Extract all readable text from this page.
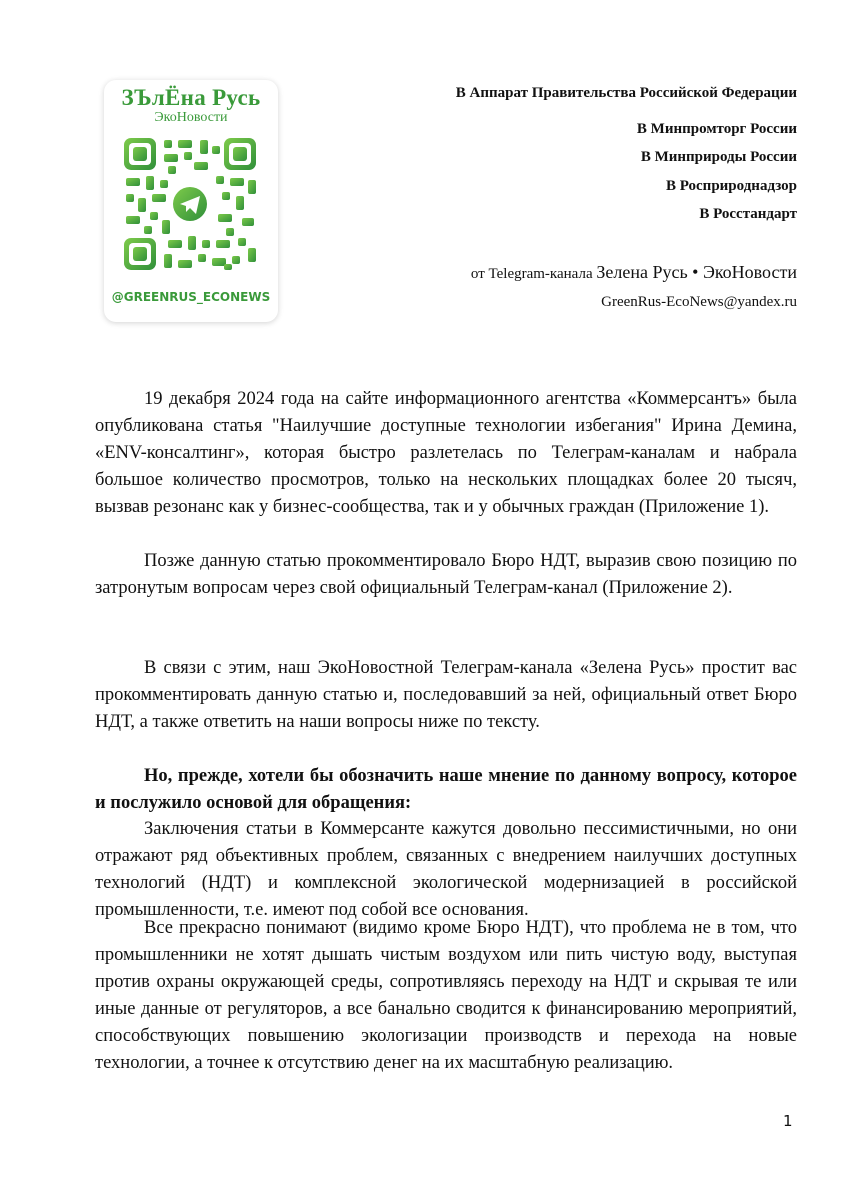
ЗЪлЁна Русь
ЭкоНовости
@GREENRUS_ECONEWS
В Аппарат Правительства Российской Федерации
В Минпромторг России
В Минприроды России
В Росприроднадзор
В Росстандарт
от Telegram-канала Зелена Русь • ЭкоНовости
GreenRus-EcoNews@yandex.ru

19 декабря 2024 года на сайте информационного агентства «Коммерсантъ» была опубликована статья "Наилучшие доступные технологии избегания" Ирина Демина, «ENV-консалтинг», которая быстро разлетелась по Телеграм-каналам и набрала большое количество просмотров, только на нескольких площадках более 20 тысяч, вызвав резонанс как у бизнес-сообщества, так и у обычных граждан (Приложение 1).

Позже данную статью прокомментировало Бюро НДТ, выразив свою позицию по затронутым вопросам через свой официальный Телеграм-канал (Приложение 2).

В связи с этим, наш ЭкоНовостной Телеграм-канала «Зелена Русь» простит вас прокомментировать данную статью и, последовавший за ней, официальный ответ Бюро НДТ, а также ответить на наши вопросы ниже по тексту.

Но, прежде, хотели бы обозначить наше мнение по данному вопросу, которое и послужило основой для обращения:

Заключения статьи в Коммерсанте кажутся довольно пессимистичными, но они отражают ряд объективных проблем, связанных с внедрением наилучших доступных технологий (НДТ) и комплексной экологической модернизацией в российской промышленности, т.е. имеют под собой все основания.

Все прекрасно понимают (видимо кроме Бюро НДТ), что проблема не в том, что промышленники не хотят дышать чистым воздухом или пить чистую воду, выступая против охраны окружающей среды, сопротивляясь переходу на НДТ и скрывая те или иные данные от регуляторов, а все банально сводится к финансированию мероприятий, способствующих повышению экологизации производств и перехода на новые технологии, а точнее к отсутствию денег на их масштабную реализацию.

1
